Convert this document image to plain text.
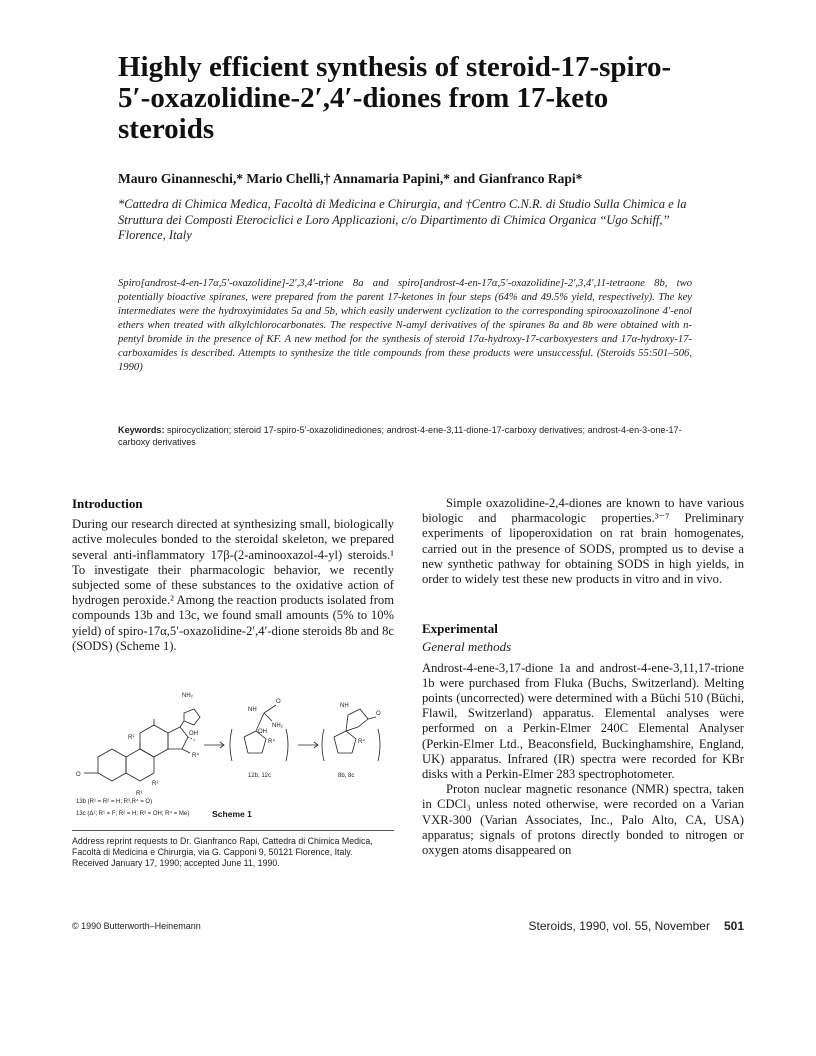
Highly efficient synthesis of steroid-17-spiro-5′-oxazolidine-2′,4′-diones from 17-keto steroids
Mauro Ginanneschi,* Mario Chelli,† Annamaria Papini,* and Gianfranco Rapi*
*Cattedra di Chimica Medica, Facoltà di Medicina e Chirurgia, and †Centro C.N.R. di Studio Sulla Chimica e la Struttura dei Composti Eterociclici e Loro Applicazioni, c/o Dipartimento di Chimica Organica ‘‘Ugo Schiff,’’ Florence, Italy
Spiro[androst-4-en-17α,5′-oxazolidine]-2′,3,4′-trione 8a and spiro[androst-4-en-17α,5′-oxazolidine]-2′,3,4′,11-tetraone 8b, two potentially bioactive spiranes, were prepared from the parent 17-ketones in four steps (64% and 49.5% yield, respectively). The key intermediates were the hydroxyimidates 5a and 5b, which easily underwent cyclization to the corresponding spirooxazolinone 4′-enol ethers when treated with alkylchlorocarbonates. The respective N-amyl derivatives of the spiranes 8a and 8b were obtained with n-pentyl bromide in the presence of KF. A new method for the synthesis of steroid 17α-hydroxy-17-carboxyesters and 17α-hydroxy-17-carboxamides is described. Attempts to synthesize the title compounds from these products were unsuccessful. (Steroids 55:501–506, 1990)
Keywords: spirocyclization; steroid 17-spiro-5′-oxazolidinediones; androst-4-ene-3,11-dione-17-carboxy derivatives; androst-4-en-3-one-17-carboxy derivatives
Introduction
During our research directed at synthesizing small, biologically active molecules bonded to the steroidal skeleton, we prepared several anti-inflammatory 17β-(2-aminooxazol-4-yl) steroids.¹ To investigate their pharmacologic behavior, we recently subjected some of these substances to the oxidative action of hydrogen peroxide.² Among the reaction products isolated from compounds 13b and 13c, we found small amounts (5% to 10% yield) of spiro-17α,5′-oxazolidine-2′,4′-dione steroids 8b and 8c (SODS) (Scheme 1).
NH₂
OH
R⁴
R³
R¹
R²
O
NH
O
NH₂
OH
R⁴
NH
O
R⁴
12b, 12c	8b, 8c
13b (R¹ = R² = H; R³,R⁴ = O)
13c (Δ¹; R¹ = F; R² = H; R³ = OH; R⁴ = Me)	Scheme 1
Address reprint requests to Dr. Gianfranco Rapi, Cattedra di Chimica Medica, Facoltà di Medicina e Chirurgia, via G. Capponi 9, 50121 Florence, Italy.
Received January 17, 1990; accepted June 11, 1990.
Simple oxazolidine-2,4-diones are known to have various biologic and pharmacologic properties.³⁻⁷ Preliminary experiments of lipoperoxidation on rat brain homogenates, carried out in the presence of SODS, prompted us to devise a new synthetic pathway for obtaining SODS in high yields, in order to widely test these new products in vitro and in vivo.
Experimental
General methods
Androst-4-ene-3,17-dione 1a and androst-4-ene-3,11,17-trione 1b were purchased from Fluka (Buchs, Switzerland). Melting points (uncorrected) were determined with a Büchi 510 (Büchi, Flawil, Switzerland) apparatus. Elemental analyses were performed on a Perkin-Elmer 240C Elemental Analyser (Perkin-Elmer Ltd., Beaconsfield, Buckinghamshire, England, UK) apparatus. Infrared (IR) spectra were recorded for KBr disks with a Perkin-Elmer 283 spectrophotometer.
Proton nuclear magnetic resonance (NMR) spectra, taken in CDCl₃ unless noted otherwise, were recorded on a Varian VXR-300 (Varian Associates, Inc., Palo Alto, CA, USA) apparatus; signals of protons directly bonded to nitrogen or oxygen atoms disappeared on
© 1990 Butterworth–Heinemann	Steroids, 1990, vol. 55, November 501
